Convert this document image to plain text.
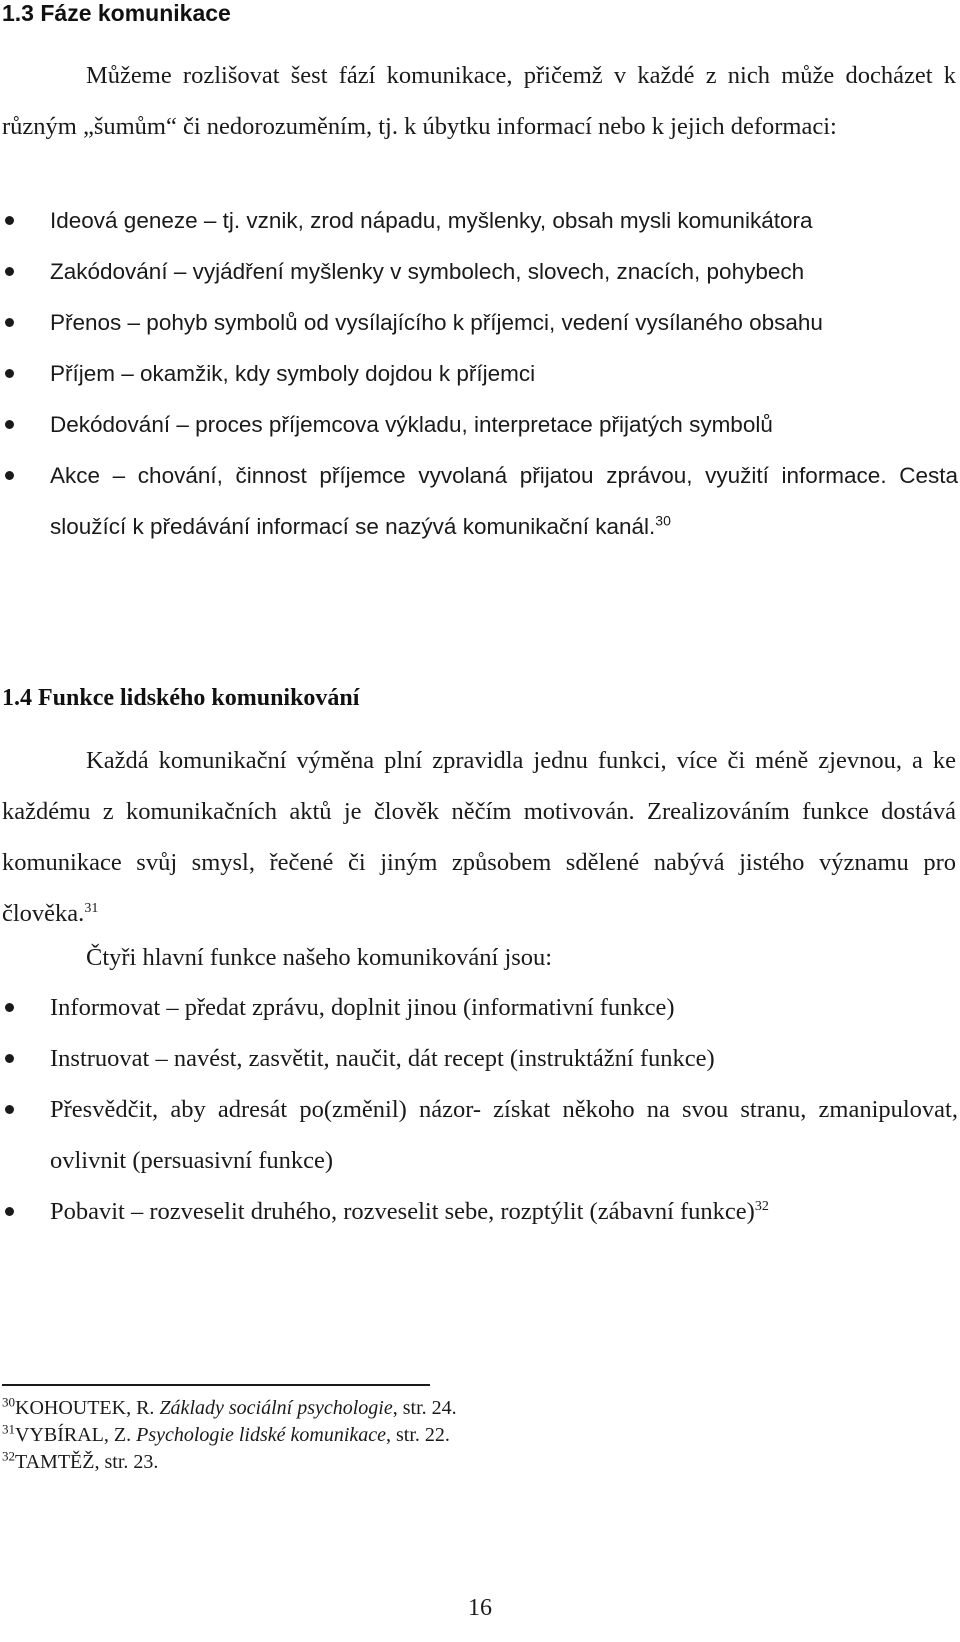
1.3 Fáze komunikace

Můžeme rozlišovat šest fází komunikace, přičemž v každé z nich může docházet k různým „šumům“ či nedorozuměním, tj. k úbytku informací nebo k jejich deformaci:

Ideová geneze – tj. vznik, zrod nápadu, myšlenky, obsah mysli komunikátora
Zakódování – vyjádření myšlenky v symbolech, slovech, znacích, pohybech
Přenos – pohyb symbolů od vysílajícího k příjemci, vedení vysílaného obsahu
Příjem – okamžik, kdy symboly dojdou k příjemci
Dekódování – proces příjemcova výkladu, interpretace přijatých symbolů
Akce – chování, činnost příjemce vyvolaná přijatou zprávou, využití informace. Cesta sloužící k předávání informací se nazývá komunikační kanál.$^{30}$
1.4 Funkce lidského komunikování

Každá komunikační výměna plní zpravidla jednu funkci, více či méně zjevnou, a ke každému z komunikačních aktů je člověk něčím motivován. Zrealizováním funkce dostává komunikace svůj smysl, řečené či jiným způsobem sdělené nabývá jistého významu pro člověka.$^{31}$

Čtyři hlavní funkce našeho komunikování jsou:

Informovat – předat zprávu, doplnit jinou (informativní funkce)
Instruovat – navést, zasvětit, naučit, dát recept (instruktážní funkce)
Přesvědčit, aby adresát po(změnil) názor- získat někoho na svou stranu, zmanipulovat, ovlivnit (persuasivní funkce)
Pobavit – rozveselit druhého, rozveselit sebe, rozptýlit (zábavní funkce)$^{32}$
$^{30}$KOHOUTEK, R. Základy sociální psychologie, str. 24.
$^{31}$VYBÍRAL, Z. Psychologie lidské komunikace, str. 22.
$^{32}$TAMTĚŽ, str. 23.
16
